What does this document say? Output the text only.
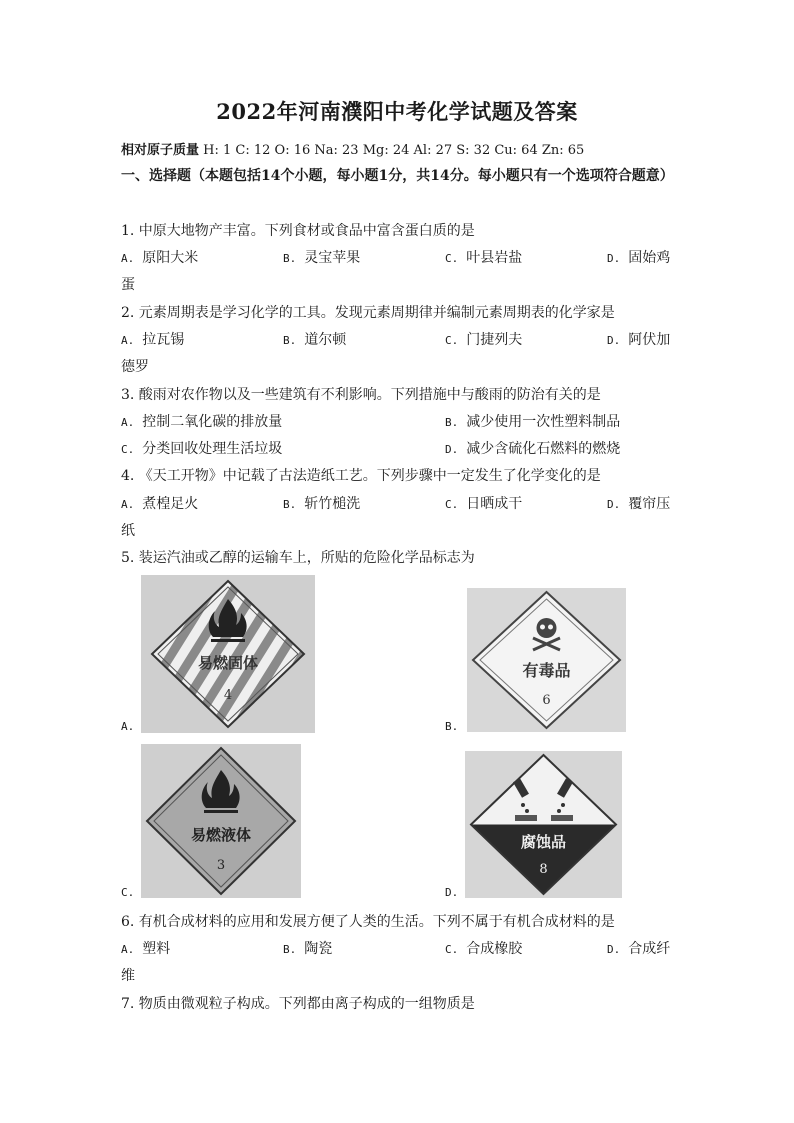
2022年河南濮阳中考化学试题及答案
相对原子质量 H: 1 C: 12 O: 16 Na: 23 Mg: 24 Al: 27 S: 32 Cu: 64 Zn: 65
一、选择题（本题包括14个小题，每小题1分，共14分。每小题只有一个选项符合题意）
1. 中原大地物产丰富。下列食材或食品中富含蛋白质的是
A. 原阳大米	B. 灵宝苹果	C. 叶县岩盐	D. 固始鸡
蛋
2. 元素周期表是学习化学的工具。发现元素周期律并编制元素周期表的化学家是
A. 拉瓦锡	B. 道尔顿	C. 门捷列夫	D. 阿伏加
德罗
3. 酸雨对农作物以及一些建筑有不利影响。下列措施中与酸雨的防治有关的是
A. 控制二氧化碳的排放量	B. 减少使用一次性塑料制品
C. 分类回收处理生活垃圾	D. 减少含硫化石燃料的燃烧
4. 《天工开物》中记载了古法造纸工艺。下列步骤中一定发生了化学变化的是
A. 煮楻足火	B. 斩竹槌洗	C. 日晒成干	D. 覆帘压
纸
5. 装运汽油或乙醇的运输车上，所贴的危险化学品标志为
易燃固体
4
A.
有毒品
6
B.
易燃液体
3
C.
腐蚀品
8
D.
6. 有机合成材料的应用和发展方便了人类的生活。下列不属于有机合成材料的是
A. 塑料	B. 陶瓷	C. 合成橡胶	D. 合成纤
维
7. 物质由微观粒子构成。下列都由离子构成的一组物质是
